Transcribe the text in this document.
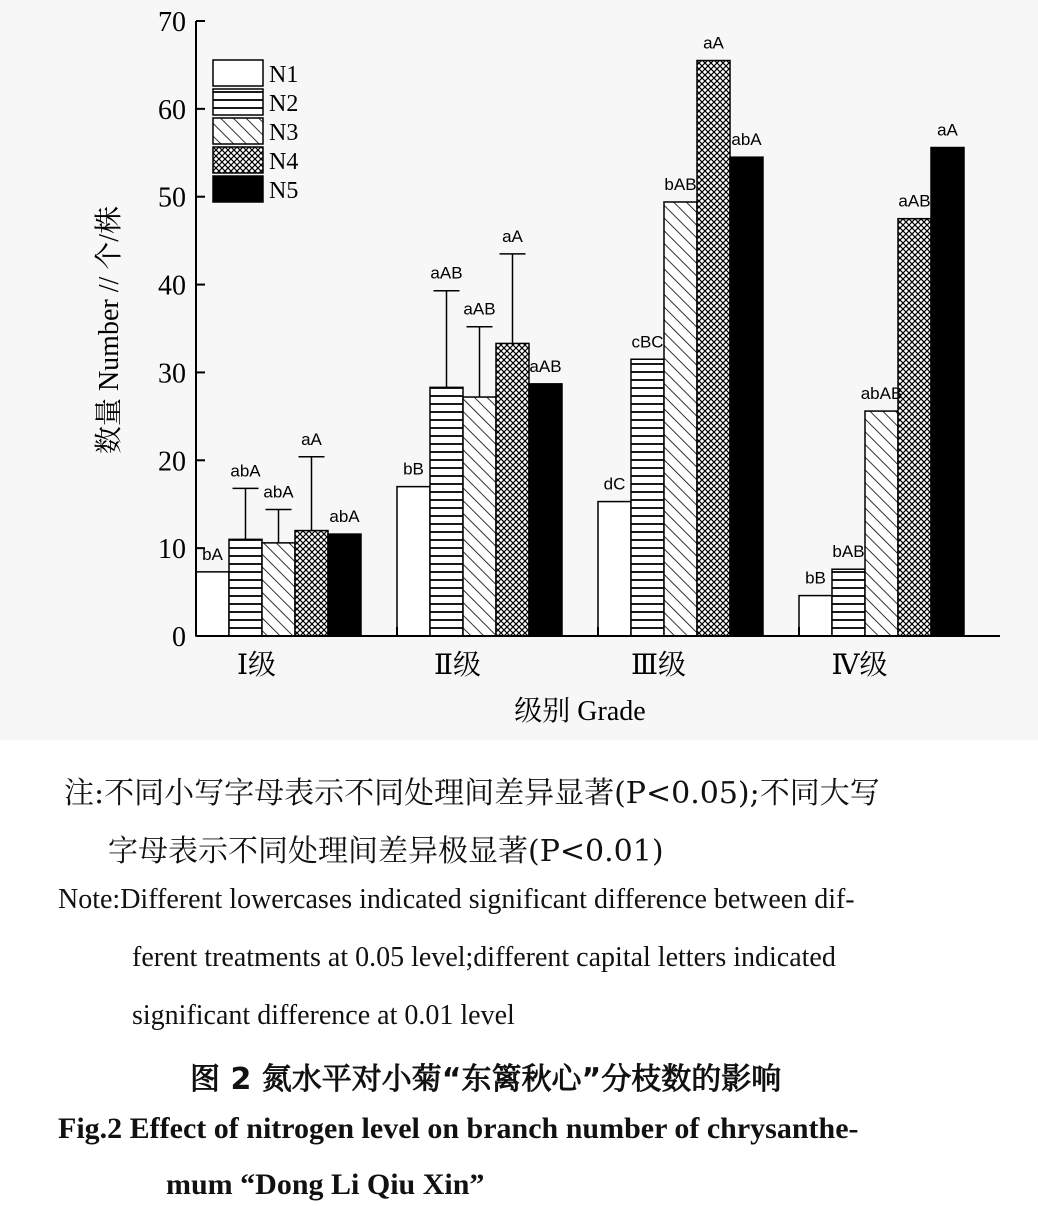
bA
abA
abA
aA
abA
bB
aAB
aAB
aA
aAB
dC
cBC
bAB
aA
abA
bB
bAB
abAB
aAB
aA
0
10
20
30
40
50
60
70
Ⅰ级	Ⅱ级	Ⅲ级	Ⅳ级
N1
N2
N3
N4
N5
数量 Number // 个/株
级别 Grade
注:不同小写字母表示不同处理间差异显著(P<0.05);不同大写
字母表示不同处理间差异极显著(P<0.01)
Note:Different lowercases indicated significant difference between dif-
ferent treatments at 0.05 level;different capital letters indicated
significant difference at 0.01 level
图 2 氮水平对小菊“东篱秋心”分枝数的影响
Fig.2 Effect of nitrogen level on branch number of chrysanthe-
mum “Dong Li Qiu Xin”
